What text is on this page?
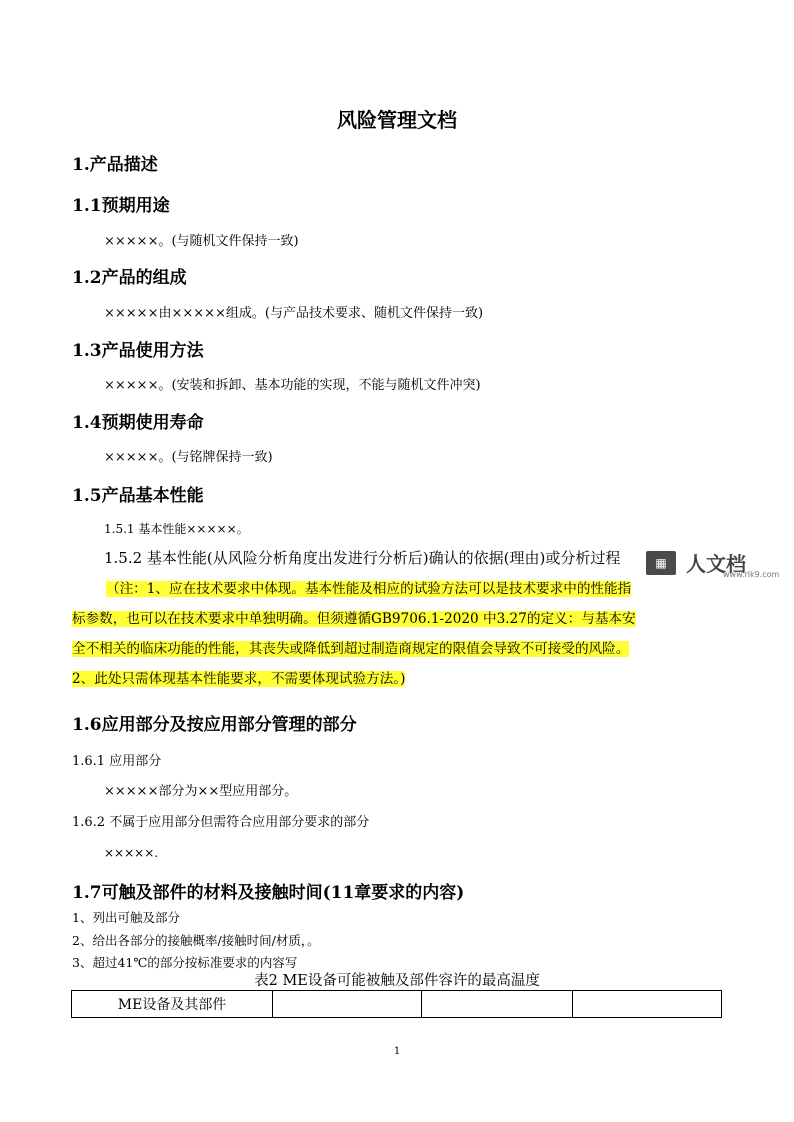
风险管理文档
1.产品描述
1.1预期用途
×××××。(与随机文件保持一致)
1.2产品的组成
×××××由×××××组成。(与产品技术要求、随机文件保持一致)
1.3产品使用方法
×××××。(安装和拆卸、基本功能的实现，不能与随机文件冲突)
1.4预期使用寿命
×××××。(与铭牌保持一致)
1.5产品基本性能
1.5.1 基本性能×××××。
1.5.2 基本性能(从风险分析角度出发进行分析后)确认的依据(理由)或分析过程	▦ 人文档
www.rlk9.com
（注：1、应在技术要求中体现。基本性能及相应的试验方法可以是技术要求中的性能指
标参数，也可以在技术要求中单独明确。但须遵循GB9706.1-2020 中3.27的定义：与基本安
全不相关的临床功能的性能，其丧失或降低到超过制造商规定的限值会导致不可接受的风险。
2、此处只需体现基本性能要求，不需要体现试验方法。)
1.6应用部分及按应用部分管理的部分
1.6.1 应用部分
×××××部分为××型应用部分。
1.6.2 不属于应用部分但需符合应用部分要求的部分
×××××.
1.7可触及部件的材料及接触时间(11章要求的内容)
1、列出可触及部分
2、给出各部分的接触概率/接触时间/材质，。
3、超过41℃的部分按标准要求的内容写
表2 ME设备可能被触及部件容许的最高温度
ME设备及其部件			
1
